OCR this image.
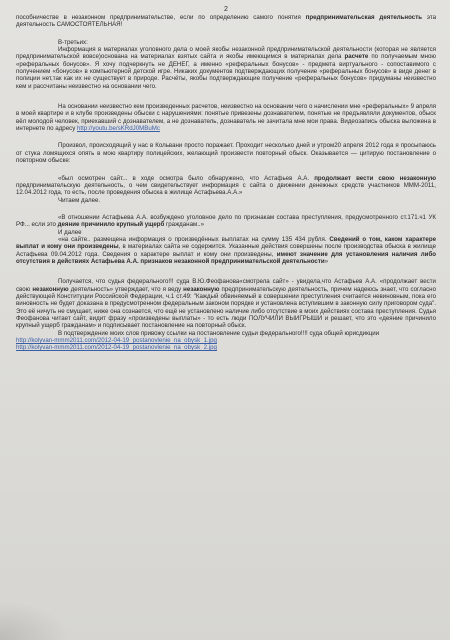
2

пособничестве в незаконном предпринимательстве, если по определению самого понятия предпринимательская деятельность эта деятельность САМОСТОЯТЕЛЬНАЯ!

В-третьих:

Информация в материалах уголовного дела о моей якобы незаконной предпринимательской деятельности (которая не является предпринимательской вовсе)основана на материалах взятых сайта и якобы имеющимся в материалах дела расчете по получаемым мною «реферальных бонусов». Я хочу подчеркнуть не ДЕНЕГ, а именно «реферальных бонусов» - предмета виртуального - сопоставимого с получением «бонусов» в компьютерной детской игре. Никаких документов подтверждающих получение «реферальных бонусов» в виде денег в полиции нет,так как их не существует в природе. Расчёты, якобы подтверждающие получение «реферальных бонусов» придуманы неизвестно кем и рассчитаны неизвестно на основании чего.

На основании неизвестно кем произведенных расчетов, неизвестно на основании чего о начислении мне «реферальных» 9 апреля в моей квартире и в клубе произведены обыски с нарушениями: понятые привезены дознавателем, понятые не предъявляли документов, обыск вёл молодой человек, приехавший с дознавателем, а не дознаватель, дознаватель не зачитала мне мои права. Видеозапись обыска выложена в интернете по адресу http://youtu.be/sKRdJ0MBuMc

Произвол, происходящий у нас в Кольвани просто поражает. Проходит несколько дней и утром20 апреля 2012 года я просыпаюсь от стука ломящихся опять в мою квартиру полицейских, желающий произвести повторный обыск. Оказывается — цитирую постановление о повторном обыске:

«был осмотрен сайт... в ходе осмотра было обнаружено, что Астафьев А.А. продолжает вести свою незаконную предпринимательскую деятельность, о чем свидетельствует информация с сайта о движении денежных средств участников МММ-2011, 12.04.2012 года, то есть, после проведения обыска в жилище Астафьева.А.А.»

Читаем далее.

«В отношении Астафьева А.А. возбуждено уголовное дело по признакам состава преступления, предусмотренного ст.171.ч1 УК РФ... если это деяние причинило крупный ущерб гражданам..»

И далее

«на сайте.. размещена информация о произведённых выплатах на сумму 135 434 рубля. Сведений о том, каком характере выплат и кому они произведены, в материалах сайта не содержится. Указанные действия совершены после производства обыска в жилище Астафьева 09.04.2012 года. Сведения о характере выплат и кому они произведены, имеют значение для установления наличия либо отсутствия в действиях Астафьева А.А. признаков незаконной предпринимательской деятельности»

Получается, что судья федерального!!! суда В.Ю.Феофанова«смотрела сайт» - увидела,что Астафьев А.А. «продолжает вести свою незаконную деятельность» утверждает, что я веду незаконную предпринимательскую деятельность, причем надеюсь знает, что согласно действующей Конституции Российской Федерации, ч.1 ст.49: "Каждый обвиняемый в совершении преступления считается невиновным, пока его виновность не будет доказана в предусмотренном федеральным законом порядке и установлена вступившим в законную силу приговором суда". Это её ничуть не смущает, ниже она сознается, что ещё не установлено наличие либо отсутствие в моих действиях состава преступления. Судья Феофанова читает сайт, видит фразу «произведены выплаты» - то есть люди ПОЛУЧИЛИ ВЫИГРЫШИ и решает, что это «деяние причинило крупный ущерб гражданам» и подписывает постановление на повторный обыск.

В подтверждение моих слов привожу ссылки на постановление судьи федерального!!!! суда общей юрисдикции

http://kolyvan-mmm2011.com/2012-04-19_postanovlenie_na_obysk_1.jpg

http://kolyvan-mmm2011.com/2012-04-19_postanovlenie_na_obysk_2.jpg
